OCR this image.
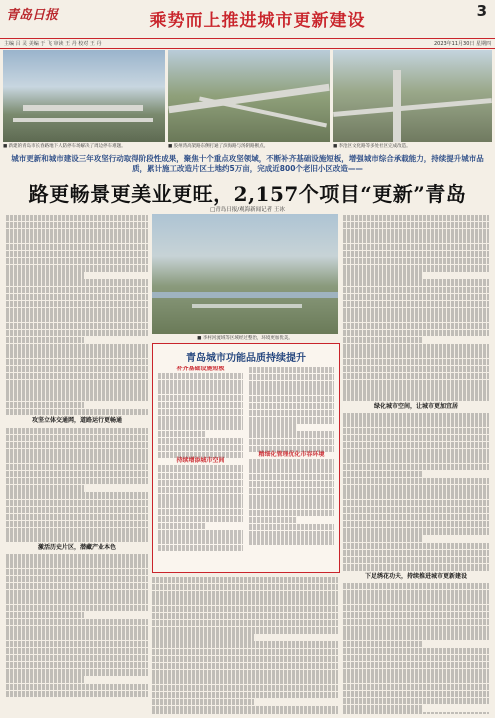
青岛日报	乘势而上推进城市更新建设	3
主编 吕 灵 美编 于 飞 审读 王 丹 校对 王 丹	2023年11月30日 星期四
■ 新建的青岛市长春路地下人防停车场解决了周边停车难题。	■ 胶州湾高架路东侧打通了滨海路与汤阴路断点。	■ 李沧区文化路等多处社区完成改造。
城市更新和城市建设三年攻坚行动取得阶段性成果，聚焦十个重点攻坚领域，不断补齐基础设施短板，增强城市综合承载能力，持续提升城市品质，累计施工改造片区土地约5万亩，完成近800个老旧小区改造——
路更畅景更美业更旺，2,157个项目“更新”青岛
□青岛日报/观海新闻记者 王冰
攻坚立体交通网，道路运行更畅通
激活历史片区，潜藏产业本色
■ 李村河流域等区域经过整治，环境更加优美。
青岛城市功能品质持续提升
补齐基础设施短板
持续增添城市空间
精细化管理优化市容环境
绿化城市空间，让城市更加宜居
下足绣花功夫，持续推进城市更新建设
